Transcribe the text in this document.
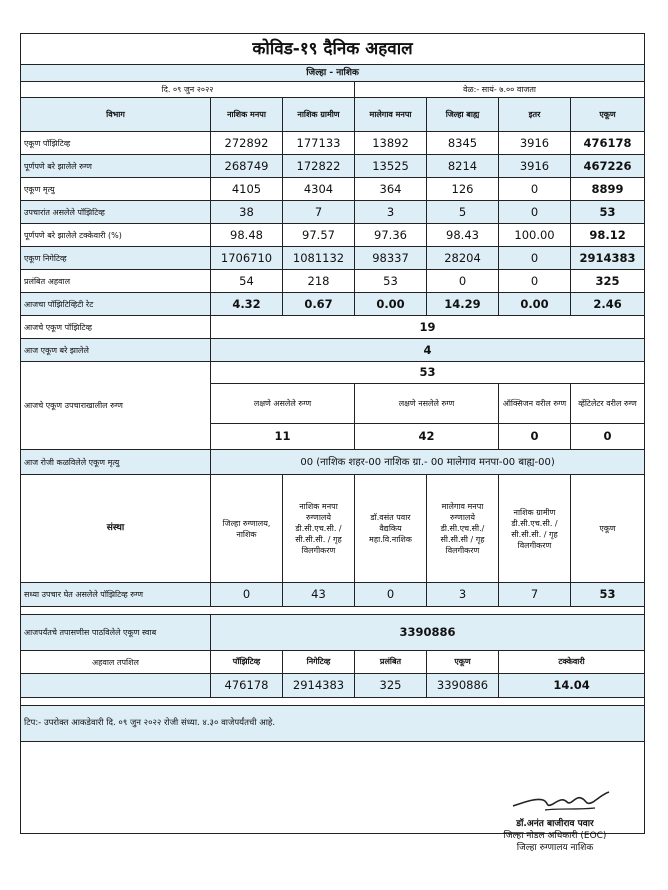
कोविड-१९ दैनिक अहवाल						
जिल्हा - नाशिक						
दि. ०९ जुन २०२२			वेळ:- सायं- ७.०० वाजता			
विभाग	नाशिक मनपा	नाशिक ग्रामीण	मालेगाव मनपा	जिल्हा बाह्य	इतर	एकूण
एकूण पॉझिटिव्ह	272892	177133	13892	8345	3916	476178
पूर्णपणे बरे झालेले रुग्ण	268749	172822	13525	8214	3916	467226
एकूण मृत्यु	4105	4304	364	126	0	8899
उपचारांत असलेले पॉझिटिव्ह	38	7	3	5	0	53
पूर्णपणे बरे झालेले टक्केवारी (%)	98.48	97.57	97.36	98.43	100.00	98.12
एकूण निगेटिव्ह	1706710	1081132	98337	28204	0	2914383
प्रलंबित अहवाल	54	218	53	0	0	325
आजचा पॉझिटिव्हिटी रेट	4.32	0.67	0.00	14.29	0.00	2.46
आजचे एकूण पॉझिटिव्ह	19					
आज एकूण बरे झालेले	4					
आजचे एकूण उपचाराखालील रुग्ण	53					
	लक्षणे असलेले रुग्ण		लक्षणे नसलेले रुग्ण		ऑक्सिजन वरील रुग्ण	व्हेंटिलेटर वरील रुग्ण
	11		42		0	0
आज रोजी कळविलेले एकूण मृत्यु	00 (नाशिक शहर-00 नाशिक ग्रा.- 00 मालेगाव मनपा-00 बाह्य-00)					
संस्था	जिल्हा रुग्णालय, नाशिक	नाशिक मनपा रुग्णालये डी.सी.एच.सी. / सी.सी.सी. / गृह विलगीकरण	डॉ.वसंत पवार वैद्यकिय महा.वि.नाशिक	मालेगाव मनपा रुग्णालये डी.सी.एच.सी./ सी.सी.सी / गृह विलगीकरण	नाशिक ग्रामीण डी.सी.एच.सी. /सी.सी.सी. / गृह विलगीकरण	एकूण
सध्या उपचार घेत असलेले पॉझिटिव्ह रुग्ण	0	43	0	3	7	53

आजपर्यंतचे तपासणीस पाठविलेले एकूण स्वाब	3390886					
अहवाल तपशिल	पॉझिटिव्ह	निगेटिव्ह	प्रलंबित	एकूण	टक्केवारी	
	476178	2914383	325	3390886	14.04	

टिप:- उपरोक्त आकडेवारी दि. ०९ जुन २०२२ रोजी संध्या. ४.३० वाजेपर्यंतची आहे.						

डॉ.अनंत बाजीराव पवार
जिल्हा नोडल अधिकारी (EOC)
जिल्हा रुग्णालय नाशिक
